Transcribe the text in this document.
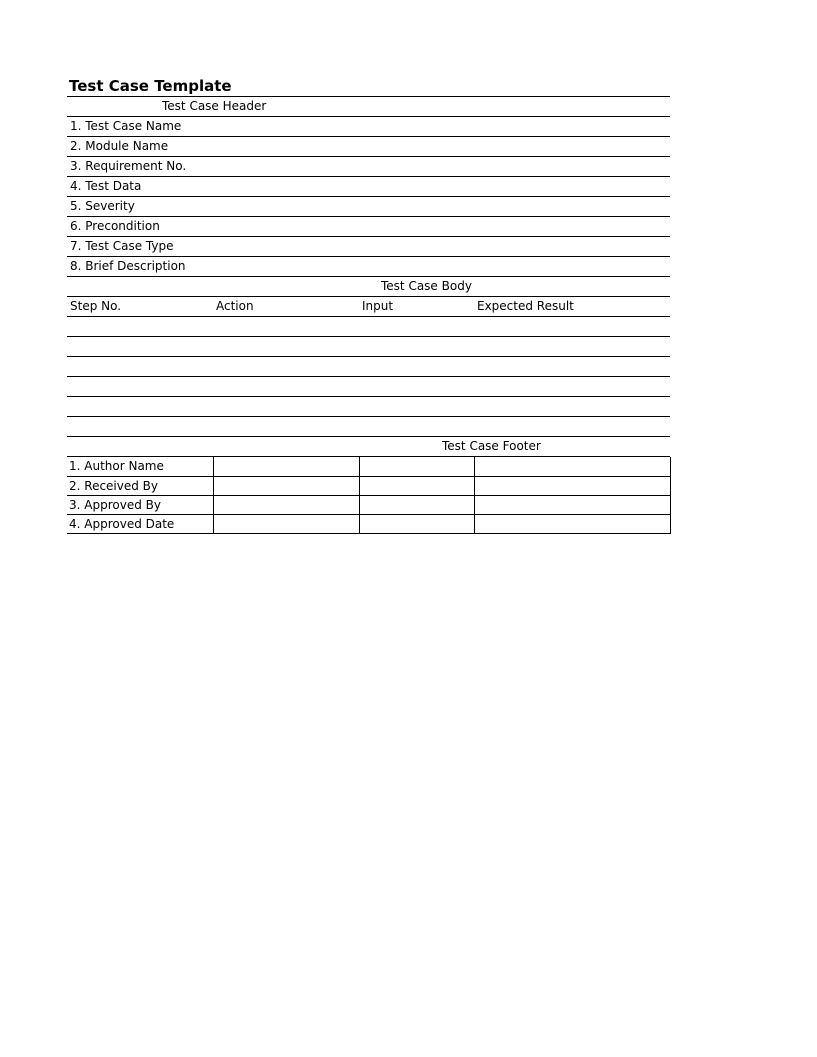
Test Case Template
Test Case Header
1. Test Case Name
2. Module Name
3. Requirement No.
4. Test Data
5. Severity
6. Precondition
7. Test Case Type
8. Brief Description
Test Case Body
Step No.	Action	Input	Expected Result
Test Case Footer
1. Author Name			
2. Received By			
3. Approved By			
4. Approved Date			
